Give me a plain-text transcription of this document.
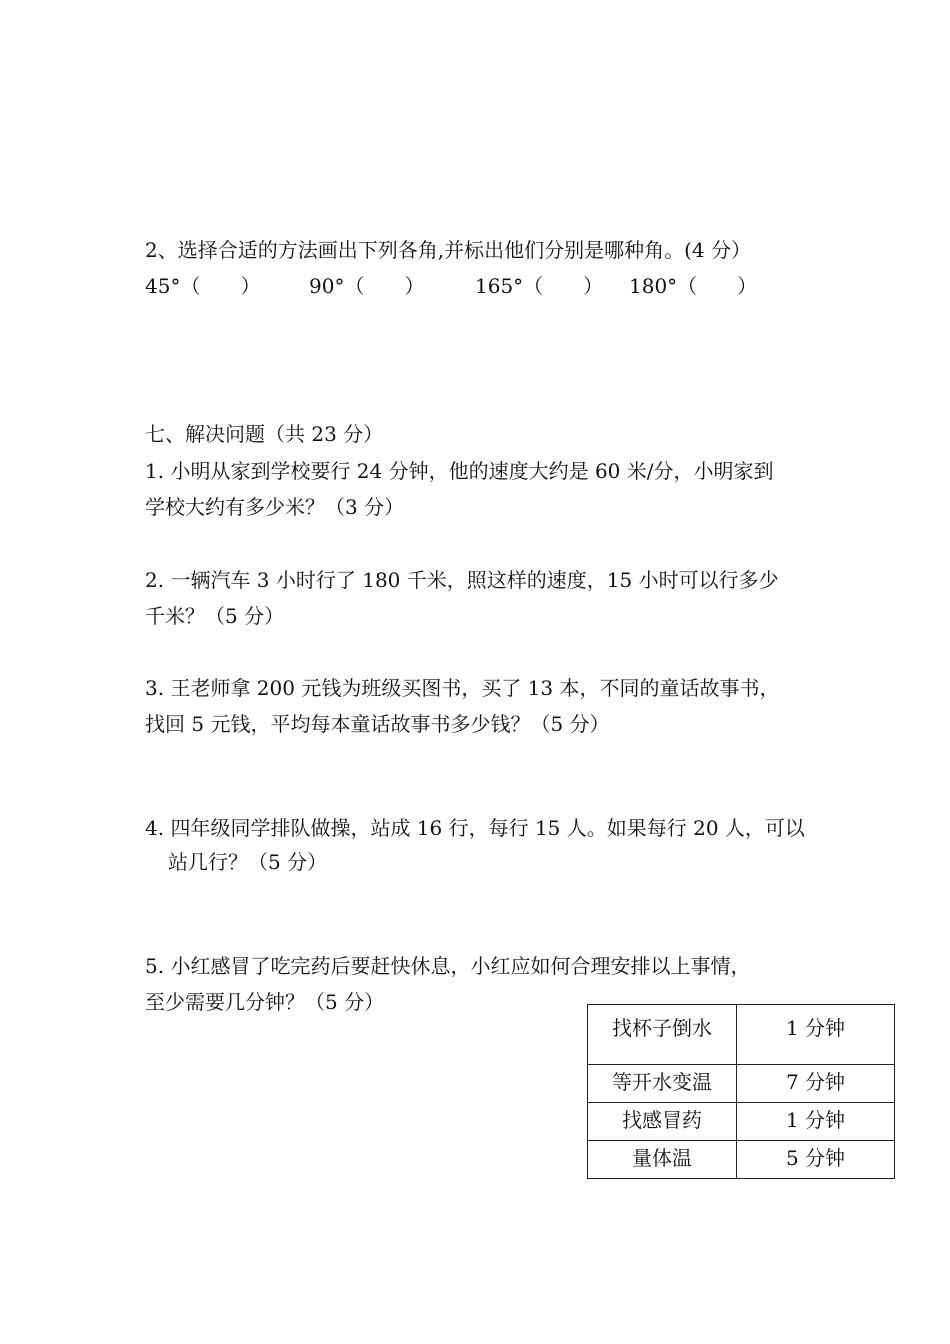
2、选择合适的方法画出下列各角,并标出他们分别是哪种角。(4 分）
45°（　　） 90°（　　）	165°（　　） 180°（　　）
七、解决问题（共 23 分）
1. 小明从家到学校要行 24 分钟，他的速度大约是 60 米/分，小明家到
学校大约有多少米？（3 分）
2. 一辆汽车 3 小时行了 180 千米，照这样的速度，15 小时可以行多少
千米？（5 分）
3. 王老师拿 200 元钱为班级买图书，买了 13 本，不同的童话故事书，
找回 5 元钱，平均每本童话故事书多少钱？（5 分）
4. 四年级同学排队做操，站成 16 行，每行 15 人。如果每行 20 人，可以
站几行？（5 分）
5. 小红感冒了吃完药后要赶快休息，小红应如何合理安排以上事情，
至少需要几分钟？（5 分）
找杯子倒水	1 分钟
等开水变温	7 分钟
找感冒药	1 分钟
量体温	5 分钟
